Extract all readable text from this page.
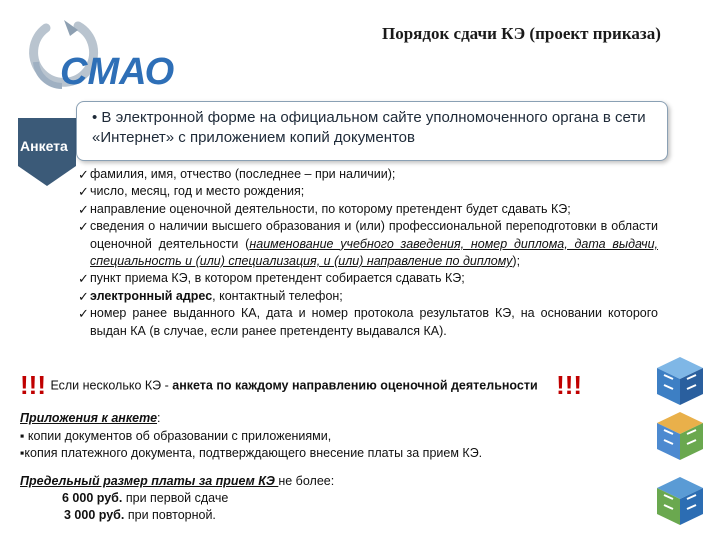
Порядок сдачи КЭ (проект приказа)
СМАО
Анкета
• В электронной форме на официальном сайте уполномоченного органа в сети «Интернет» с приложением копий документов
✓ фамилия, имя, отчество (последнее – при наличии);
✓ число, месяц, год и место рождения;
✓ направление оценочной деятельности, по которому претендент будет сдавать КЭ;
✓ сведения о наличии высшего образования и (или) профессиональной переподготовки в области оценочной деятельности (наименование учебного заведения, номер диплома, дата выдачи, специальность и (или) специализация, и (или) направление по диплому);
✓ пункт приема КЭ, в котором претендент собирается сдавать КЭ;
✓ электронный адрес, контактный телефон;
✓ номер ранее выданного КА, дата и номер протокола результатов КЭ, на основании которого выдан КА (в случае, если ранее претенденту выдавался КА).
!!! Если несколько КЭ - анкета по каждому направлению оценочной деятельности !!!
Приложения к анкете:
▪ копии документов об образовании с приложениями,
▪копия платежного документа, подтверждающего внесение платы за прием КЭ.
Предельный размер платы за прием КЭ не более:
6 000 руб. при первой сдаче
3 000 руб. при повторной.
